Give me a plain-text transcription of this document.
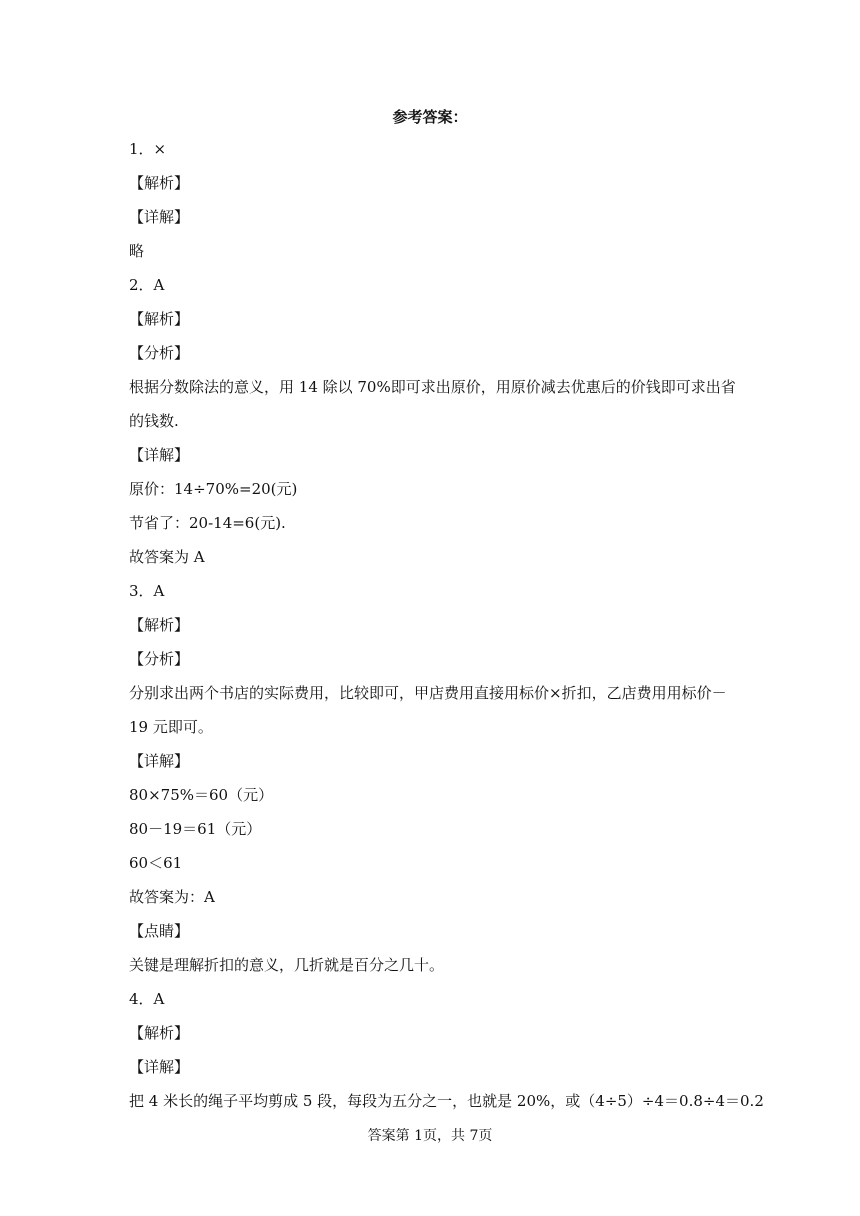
参考答案：
1．×
【解析】
【详解】
略
2．A
【解析】
【分析】
根据分数除法的意义，用 14 除以 70%即可求出原价，用原价减去优惠后的价钱即可求出省
的钱数.
【详解】
原价：14÷70%=20(元)
节省了：20-14=6(元).
故答案为 A
3．A
【解析】
【分析】
分别求出两个书店的实际费用，比较即可，甲店费用直接用标价×折扣，乙店费用用标价－
19 元即可。
【详解】
80×75%＝60（元）
80－19＝61（元）
60＜61
故答案为：A
【点睛】
关键是理解折扣的意义，几折就是百分之几十。
4．A
【解析】
【详解】
把 4 米长的绳子平均剪成 5 段，每段为五分之一，也就是 20%，或（4÷5）÷4＝0.8÷4＝0.2
答案第 1页，共 7页
